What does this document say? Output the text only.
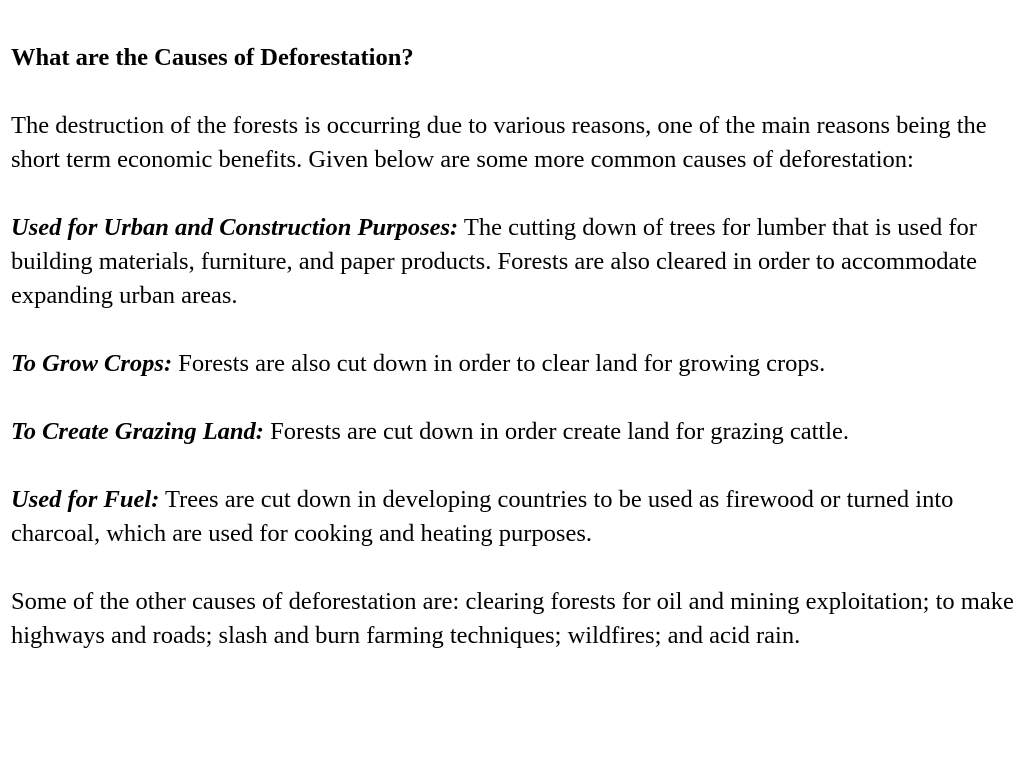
What are the Causes of Deforestation?

The destruction of the forests is occurring due to various reasons, one of the main reasons being the short term economic benefits. Given below are some more common causes of deforestation:

Used for Urban and Construction Purposes: The cutting down of trees for lumber that is used for building materials, furniture, and paper products. Forests are also cleared in order to accommodate expanding urban areas.

To Grow Crops: Forests are also cut down in order to clear land for growing crops.

To Create Grazing Land: Forests are cut down in order create land for grazing cattle.

Used for Fuel: Trees are cut down in developing countries to be used as firewood or turned into charcoal, which are used for cooking and heating purposes.

Some of the other causes of deforestation are: clearing forests for oil and mining exploitation; to make highways and roads; slash and burn farming techniques; wildfires; and acid rain.
